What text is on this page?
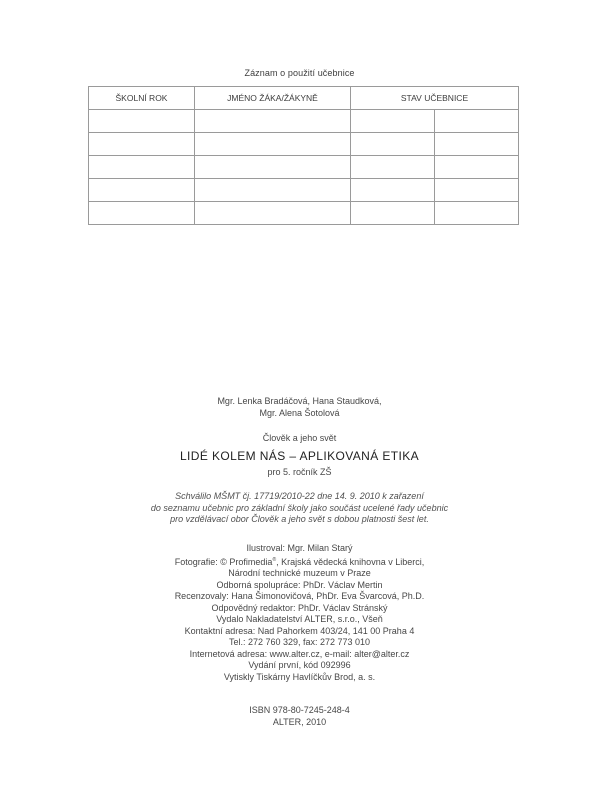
Záznam o použití učebnice
ŠKOLNÍ ROK	JMÉNO ŽÁKA/ŽÁKYNĚ	STAV UČEBNICE	

Mgr. Lenka Bradáčová, Hana Staudková,
Mgr. Alena Šotolová
Člověk a jeho svět
LIDÉ KOLEM NÁS – APLIKOVANÁ ETIKA
pro 5. ročník ZŠ
Schválilo MŠMT čj. 17719/2010-22 dne 14. 9. 2010 k zařazení
do seznamu učebnic pro základní školy jako součást ucelené řady učebnic
pro vzdělávací obor Člověk a jeho svět s dobou platnosti šest let.
Ilustroval: Mgr. Milan Starý
Fotografie: © Profimedia®, Krajská vědecká knihovna v Liberci,
Národní technické muzeum v Praze
Odborná spolupráce: PhDr. Václav Mertin
Recenzovaly: Hana Šimonovičová, PhDr. Eva Švarcová, Ph.D.
Odpovědný redaktor: PhDr. Václav Stránský
Vydalo Nakladatelství ALTER, s.r.o., Všeň
Kontaktní adresa: Nad Pahorkem 403/24, 141 00 Praha 4
Tel.: 272 760 329, fax: 272 773 010
Internetová adresa: www.alter.cz, e-mail: alter@alter.cz
Vydání první, kód 092996
Vytiskly Tiskárny Havlíčkův Brod, a. s.
ISBN 978-80-7245-248-4
ALTER, 2010
